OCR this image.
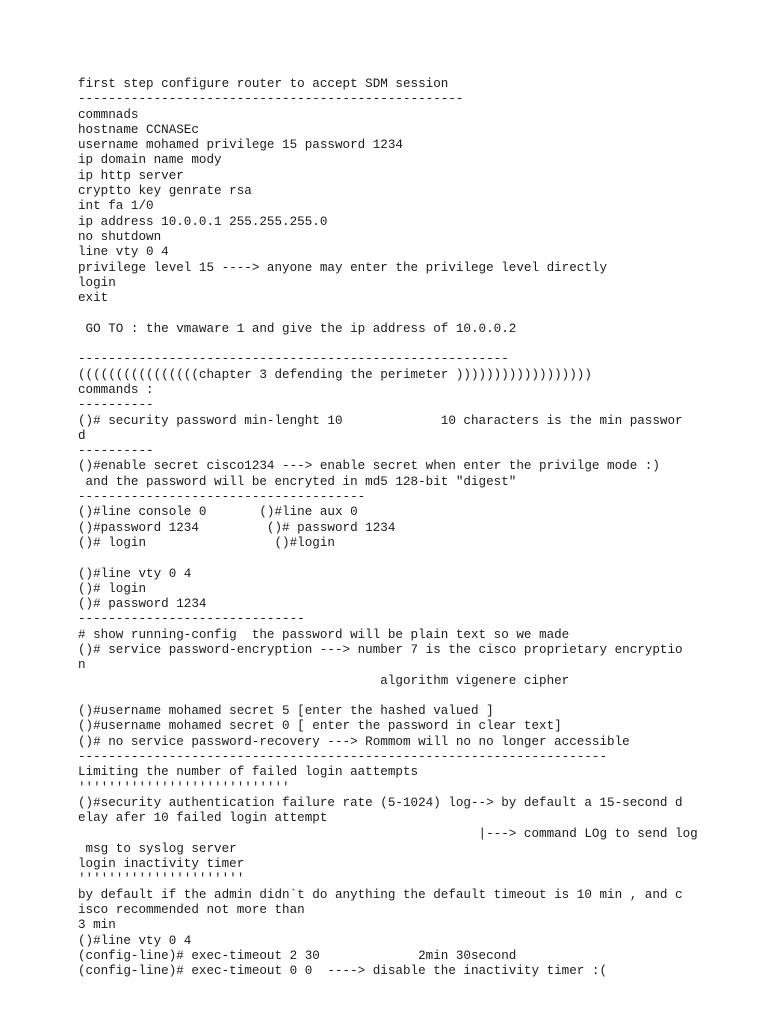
first step configure router to accept SDM session
---------------------------------------------------
commnads
hostname CCNASEc
username mohamed privilege 15 password 1234
ip domain name mody
ip http server
cryptto key genrate rsa
int fa 1/0
ip address 10.0.0.1 255.255.255.0
no shutdown
line vty 0 4
privilege level 15 ----> anyone may enter the privilege level directly
login
exit
GO TO : the vmaware 1 and give the ip address of 10.0.0.2
---------------------------------------------------------
((((((((((((((((chapter 3 defending the perimeter ))))))))))))))))))
commands :
----------
()# security password min-lenght 10             10 characters is the min passwor
d
----------
()#enable secret cisco1234 ---> enable secret when enter the privilge mode :)
and the password will be encryted in md5 128-bit "digest"
--------------------------------------
()#line console 0       ()#line aux 0
()#password 1234         ()# password 1234
()# login                 ()#login
()#line vty 0 4
()# login
()# password 1234
------------------------------
# show running-config  the password will be plain text so we made
()# service password-encryption ---> number 7 is the cisco proprietary encryptio
n
algorithm vigenere cipher
()#username mohamed secret 5 [enter the hashed valued ]
()#username mohamed secret 0 [ enter the password in clear text]
()# no service password-recovery ---> Rommom will no no longer accessible
----------------------------------------------------------------------
Limiting the number of failed login aattempts
''''''''''''''''''''''''''''
()#security authentication failure rate (5-1024) log--> by default a 15-second d
elay afer 10 failed login attempt
|---> command LOg to send log
msg to syslog server
login inactivity timer
''''''''''''''''''''''
by default if the admin didn`t do anything the default timeout is 10 min , and c
isco recommended not more than
3 min
()#line vty 0 4
(config-line)# exec-timeout 2 30             2min 30second
(config-line)# exec-timeout 0 0  ----> disable the inactivity timer :(
